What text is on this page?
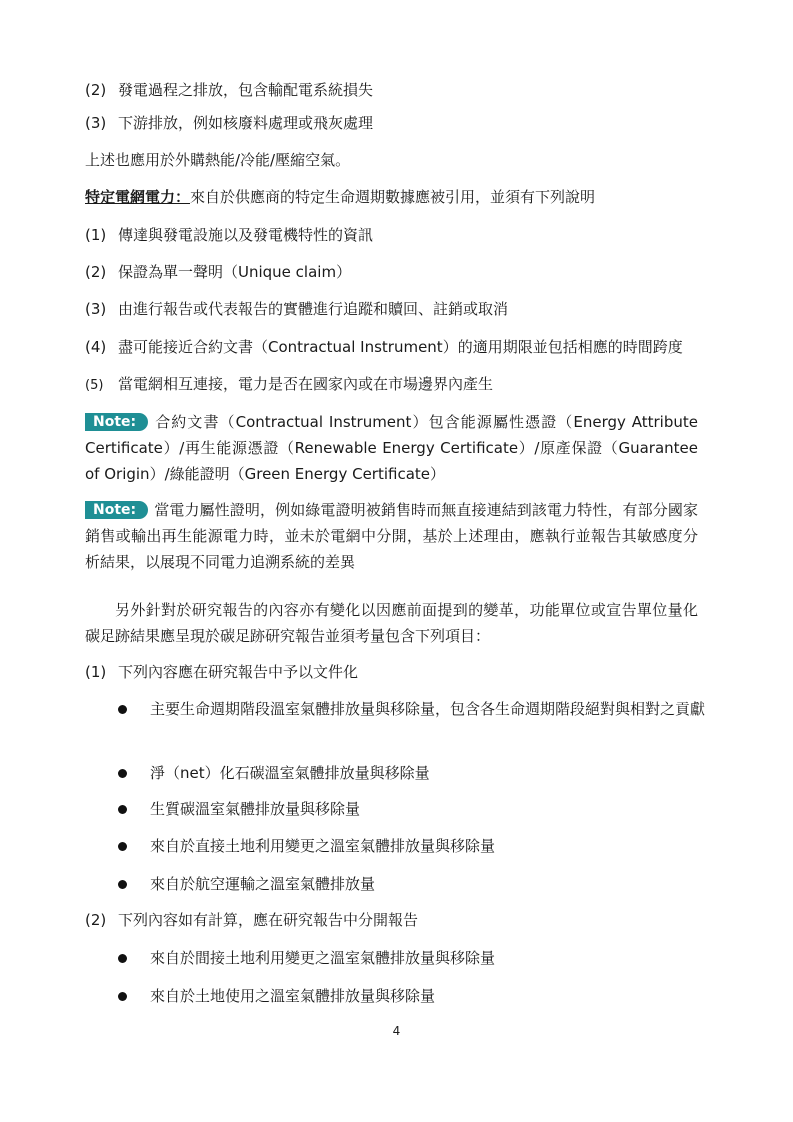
(2) 發電過程之排放，包含輸配電系統損失
(3) 下游排放，例如核廢料處理或飛灰處理
上述也應用於外購熱能/冷能/壓縮空氣。
特定電網電力：來自於供應商的特定生命週期數據應被引用，並須有下列說明
(1) 傳達與發電設施以及發電機特性的資訊
(2) 保證為單一聲明（Unique claim）
(3) 由進行報告或代表報告的實體進行追蹤和贖回、註銷或取消
(4) 盡可能接近合約文書（Contractual Instrument）的適用期限並包括相應的時間跨度
(5) 當電網相互連接，電力是否在國家內或在市場邊界內產生
Note: 合約文書（Contractual Instrument）包含能源屬性憑證（Energy Attribute Certificate）/再生能源憑證（Renewable Energy Certificate）/原產保證（Guarantee of Origin）/綠能證明（Green Energy Certificate）
Note: 當電力屬性證明，例如綠電證明被銷售時而無直接連結到該電力特性，有部分國家銷售或輸出再生能源電力時，並未於電網中分開，基於上述理由，應執行並報告其敏感度分析結果，以展現不同電力追溯系統的差異
另外針對於研究報告的內容亦有變化以因應前面提到的變革，功能單位或宣告單位量化碳足跡結果應呈現於碳足跡研究報告並須考量包含下列項目：
(1) 下列內容應在研究報告中予以文件化
主要生命週期階段溫室氣體排放量與移除量，包含各生命週期階段絕對與相對之貢獻
淨（net）化石碳溫室氣體排放量與移除量
生質碳溫室氣體排放量與移除量
來自於直接土地利用變更之溫室氣體排放量與移除量
來自於航空運輸之溫室氣體排放量
(2) 下列內容如有計算，應在研究報告中分開報告
來自於間接土地利用變更之溫室氣體排放量與移除量
來自於土地使用之溫室氣體排放量與移除量
4
